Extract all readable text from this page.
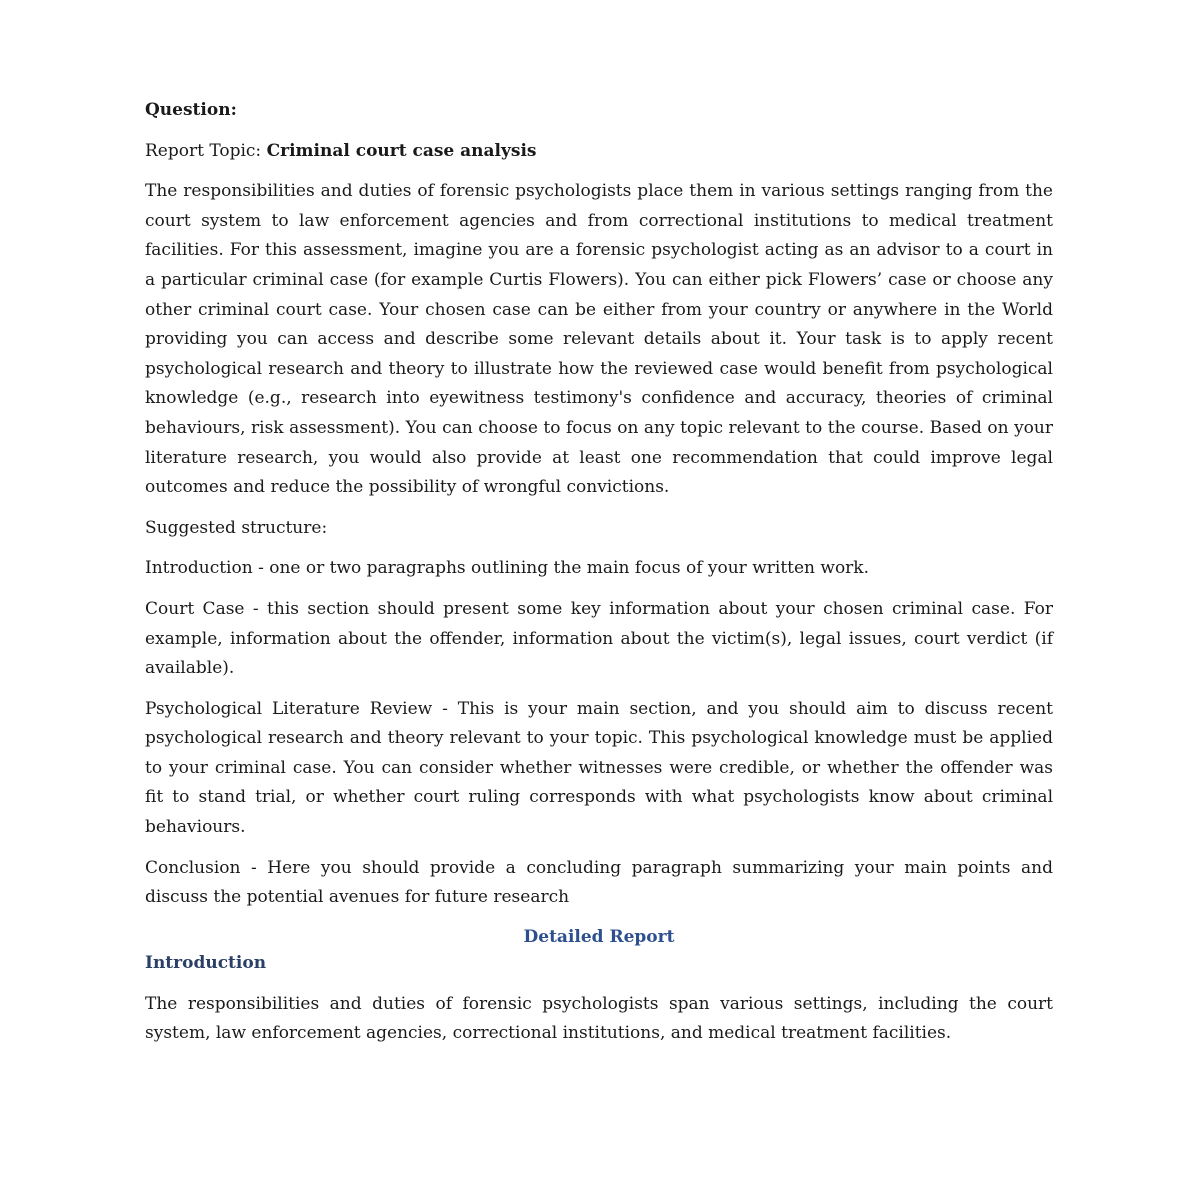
Question:

Report Topic: Criminal court case analysis

The responsibilities and duties of forensic psychologists place them in various settings ranging from the court system to law enforcement agencies and from correctional institutions to medical treatment facilities. For this assessment, imagine you are a forensic psychologist acting as an advisor to a court in a particular criminal case (for example Curtis Flowers). You can either pick Flowers’ case or choose any other criminal court case. Your chosen case can be either from your country or anywhere in the World providing you can access and describe some relevant details about it. Your task is to apply recent psychological research and theory to illustrate how the reviewed case would benefit from psychological knowledge (e.g., research into eyewitness testimony's confidence and accuracy, theories of criminal behaviours, risk assessment). You can choose to focus on any topic relevant to the course. Based on your literature research, you would also provide at least one recommendation that could improve legal outcomes and reduce the possibility of wrongful convictions.

Suggested structure:

Introduction - one or two paragraphs outlining the main focus of your written work.

Court Case - this section should present some key information about your chosen criminal case. For example, information about the offender, information about the victim(s), legal issues, court verdict (if available).

Psychological Literature Review - This is your main section, and you should aim to discuss recent psychological research and theory relevant to your topic. This psychological knowledge must be applied to your criminal case. You can consider whether witnesses were credible, or whether the offender was fit to stand trial, or whether court ruling corresponds with what psychologists know about criminal behaviours.

Conclusion - Here you should provide a concluding paragraph summarizing your main points and discuss the potential avenues for future research

Detailed Report

Introduction

The responsibilities and duties of forensic psychologists span various settings, including the court system, law enforcement agencies, correctional institutions, and medical treatment facilities.
